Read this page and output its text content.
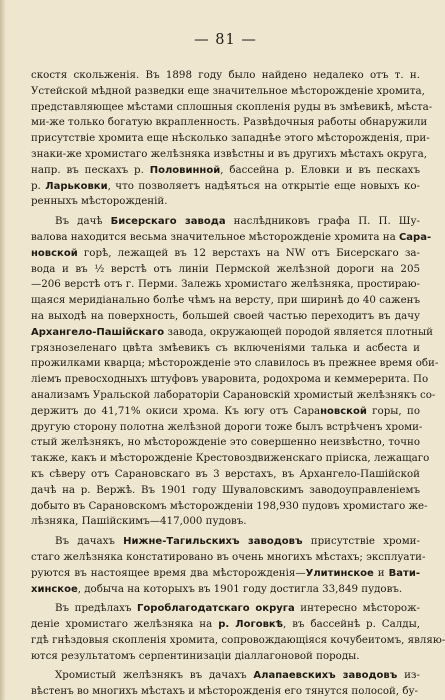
— 81 —
скостя скольженія. Въ 1898 году было найдено недалеко отъ т. н.
Устейской мѣдной разведки еще значительное мѣсторожденіе хромита,
представляющее мѣстами сплошныя скопленія руды въ змѣевикѣ, мѣста-
ми-же только богатую вкрапленность. Развѣдочныя работы обнаружили
присутствіе хромита еще нѣсколько западнѣе этого мѣсторожденія, при-
знаки-же хромистаго желѣзняка извѣстны и въ другихъ мѣстахъ округа,
напр. въ пескахъ р. Половинной, бассейна р. Еловки и въ пескахъ
р. Ларьковки, что позволяетъ надѣяться на открытіе еще новыхъ ко-
ренныхъ мѣсторожденій.
Въ дачѣ Бисерскаго завода наслѣдниковъ графа П. П. Шу-
валова находится весьма значительное мѣсторожденіе хромита на Сара-
новской горѣ, лежащей въ 12 верстахъ на NW отъ Бисерскаго за-
вода и въ ½ верстѣ отъ линіи Пермской желѣзной дороги на 205
—206 верстѣ отъ г. Перми. Залежь хромистаго желѣзняка, простираю-
щаяся меридіанально болѣе чѣмъ на версту, при ширинѣ до 40 саженъ
на выходѣ на поверхность, большей своей частью переходитъ въ дачу
Архангело-Пашійскаго завода, окружающей породой является плотный
грязнозеленаго цвѣта змѣевикъ съ включеніями талька и асбеста и
прожилками кварца; мѣсторожденіе это славилось въ прежнее время оби-
ліемъ превосходныхъ штуфовъ уваровита, родохрома и кеммерерита. По
анализамъ Уральской лабораторіи Сарановскій хромистый желѣзнякъ со-
держитъ до 41,71% окиси хрома. Къ югу отъ Сарановской горы, по
другую сторону полотна желѣзной дороги тоже былъ встрѣченъ хроми-
стый желѣзнякъ, но мѣсторожденіе это совершенно неизвѣстно, точно
также, какъ и мѣсторожденіе Крестовоздвиженскаго пріиска, лежащаго
къ сѣверу отъ Сарановскаго въ 3 верстахъ, въ Архангело-Пашійской
дачѣ на р. Вержѣ. Въ 1901 году Шуваловскимъ заводоуправленіемъ
добыто въ Сарановскомъ мѣсторожденіи 198,930 пудовъ хромистаго же-
лѣзняка, Пашійскимъ—417,000 пудовъ.
Въ дачахъ Нижне-Тагильскихъ заводовъ присутствіе хроми-
стаго желѣзняка констатировано въ очень многихъ мѣстахъ; эксплуати-
руются въ настоящее время два мѣсторожденія—Улитинское и Вати-
хинское, добыча на которыхъ въ 1901 году достигла 33,849 пудовъ.
Въ предѣлахъ Гороблагодатскаго округа интересно мѣсторож-
деніе хромистаго желѣзняка на р. Логовкѣ, въ бассейнѣ р. Салды,
гдѣ гнѣздовыя скопленія хромита, сопровождающіяся кочубеитомъ, являю-
ются результатомъ серпентинизаціи діаллагоновой породы.
Хромистый желѣзнякъ въ дачахъ Алапаевскихъ заводовъ из-
вѣстенъ во многихъ мѣстахъ и мѣсторожденія его тянутся полосой, бу-
